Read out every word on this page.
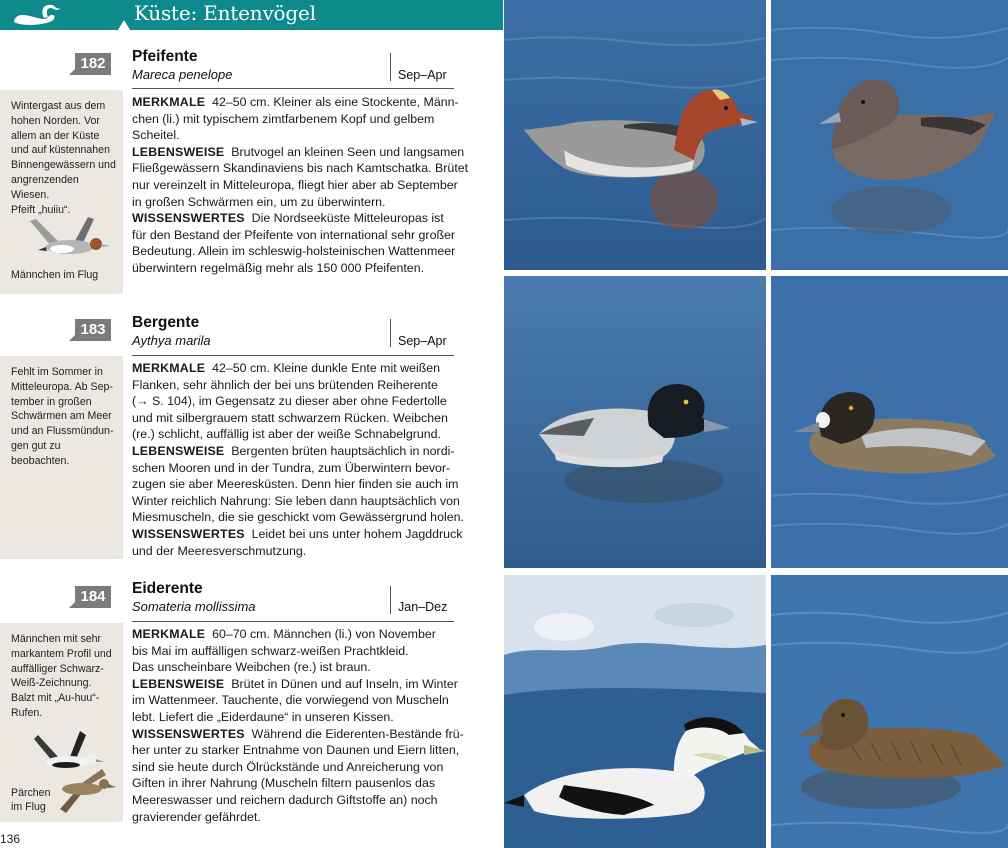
Küste: Entenvögel
182	Pfeifente
Mareca penelope	Sep–Apr
Wintergast aus dem
hohen Norden. Vor
allem an der Küste
und auf küstennahen
Binnengewässern und
angrenzenden Wiesen.
Pfeift „huiiu“.
Männchen im Flug
MERKMALE 42–50 cm. Kleiner als eine Stockente, Männ-
chen (li.) mit typischem zimtfarbenem Kopf und gelbem
Scheitel.
LEBENSWEISE Brutvogel an kleinen Seen und langsamen
Fließgewässern Skandinaviens bis nach Kamtschatka. Brütet
nur vereinzelt in Mitteleuropa, fliegt hier aber ab September
in großen Schwärmen ein, um zu überwintern.
WISSENSWERTES Die Nordseeküste Mitteleuropas ist
für den Bestand der Pfeifente von international sehr großer
Bedeutung. Allein im schleswig-holsteinischen Wattenmeer
überwintern regelmäßig mehr als 150 000 Pfeifenten.
183	Bergente
Aythya marila	Sep–Apr
Fehlt im Sommer in
Mitteleuropa. Ab Sep-
tember in großen
Schwärmen am Meer
und an Flussmündun-
gen gut zu beobachten.
MERKMALE 42–50 cm. Kleine dunkle Ente mit weißen
Flanken, sehr ähnlich der bei uns brütenden Reiherente
(→ S. 104), im Gegensatz zu dieser aber ohne Federtolle
und mit silbergrauem statt schwarzem Rücken. Weibchen
(re.) schlicht, auffällig ist aber der weiße Schnabelgrund.
LEBENSWEISE Bergenten brüten hauptsächlich in nordi-
schen Mooren und in der Tundra, zum Überwintern bevor-
zugen sie aber Meeresküsten. Denn hier finden sie auch im
Winter reichlich Nahrung: Sie leben dann hauptsächlich von
Miesmuscheln, die sie geschickt vom Gewässergrund holen.
WISSENSWERTES Leidet bei uns unter hohem Jagddruck
und der Meeresverschmutzung.
184	Eiderente
Somateria mollissima	Jan–Dez
Männchen mit sehr
markantem Profil und
auffälliger Schwarz-
Weiß-Zeichnung.
Balzt mit „Au-huu“-
Rufen.
Pärchen
im Flug
MERKMALE 60–70 cm. Männchen (li.) von November
bis Mai im auffälligen schwarz-weißen Prachtkleid.
Das unscheinbare Weibchen (re.) ist braun.
LEBENSWEISE Brütet in Dünen und auf Inseln, im Winter
im Wattenmeer. Tauchente, die vorwiegend von Muscheln
lebt. Liefert die „Eiderdaune“ in unseren Kissen.
WISSENSWERTES Während die Eiderenten-Bestände frü-
her unter zu starker Entnahme von Daunen und Eiern litten,
sind sie heute durch Ölrückstände und Anreicherung von
Giften in ihrer Nahrung (Muscheln filtern pausenlos das
Meereswasser und reichern dadurch Giftstoffe an) noch
gravierender gefährdet.
136
